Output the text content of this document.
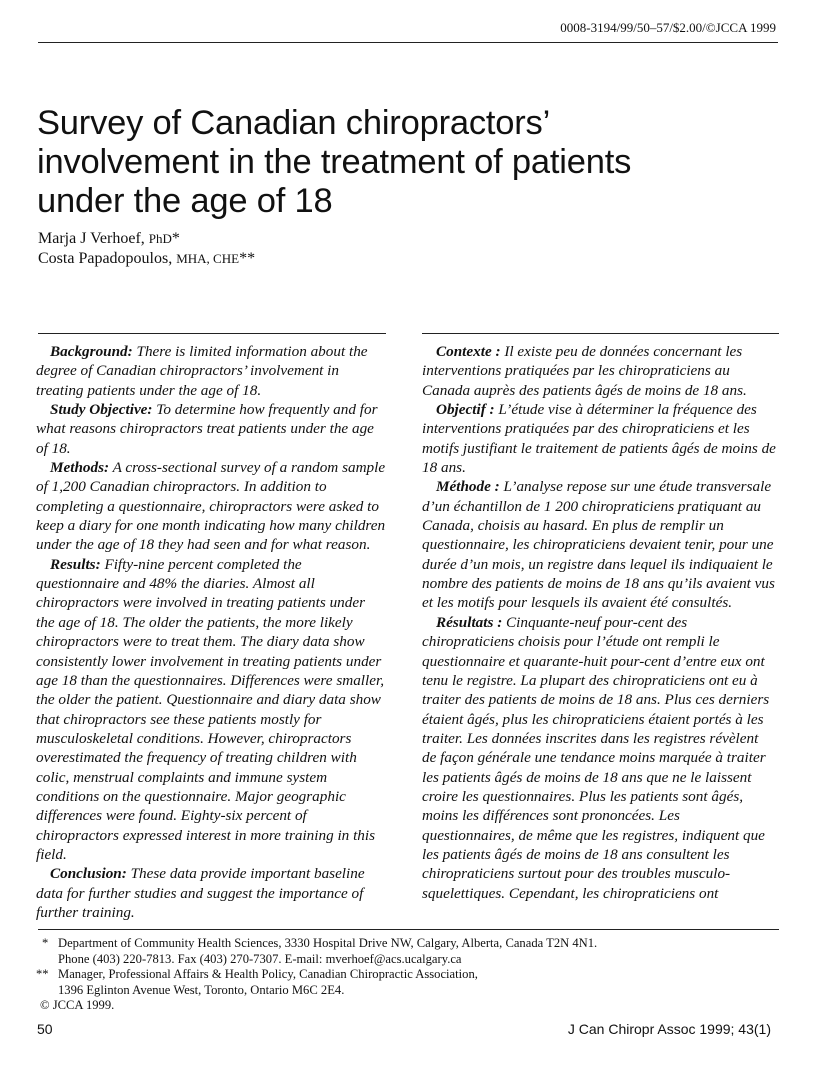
0008-3194/99/50–57/$2.00/©JCCA 1999
Survey of Canadian chiropractors’
involvement in the treatment of patients
under the age of 18
Marja J Verhoef, PhD*
Costa Papadopoulos, MHA, CHE**

Background: There is limited information about the degree of Canadian chiropractors’ involvement in treating patients under the age of 18.

Study Objective: To determine how frequently and for what reasons chiropractors treat patients under the age of 18.

Methods: A cross-sectional survey of a random sample of 1,200 Canadian chiropractors. In addition to completing a questionnaire, chiropractors were asked to keep a diary for one month indicating how many children under the age of 18 they had seen and for what reason.

Results: Fifty-nine percent completed the questionnaire and 48% the diaries. Almost all chiropractors were involved in treating patients under the age of 18. The older the patients, the more likely chiropractors were to treat them. The diary data show consistently lower involvement in treating patients under age 18 than the questionnaires. Differences were smaller, the older the patient. Questionnaire and diary data show that chiropractors see these patients mostly for musculoskeletal conditions. However, chiropractors overestimated the frequency of treating children with colic, menstrual complaints and immune system conditions on the questionnaire. Major geographic differences were found. Eighty-six percent of chiropractors expressed interest in more training in this field.

Conclusion: These data provide important baseline data for further studies and suggest the importance of further training.

Contexte : Il existe peu de données concernant les interventions pratiquées par les chiropraticiens au Canada auprès des patients âgés de moins de 18 ans.

Objectif : L’étude vise à déterminer la fréquence des interventions pratiquées par des chiropraticiens et les motifs justifiant le traitement de patients âgés de moins de 18 ans.

Méthode : L’analyse repose sur une étude transversale d’un échantillon de 1 200 chiropraticiens pratiquant au Canada, choisis au hasard. En plus de remplir un questionnaire, les chiropraticiens devaient tenir, pour une durée d’un mois, un registre dans lequel ils indiquaient le nombre des patients de moins de 18 ans qu’ils avaient vus et les motifs pour lesquels ils avaient été consultés.

Résultats : Cinquante-neuf pour-cent des chiropraticiens choisis pour l’étude ont rempli le questionnaire et quarante-huit pour-cent d’entre eux ont tenu le registre. La plupart des chiropraticiens ont eu à traiter des patients de moins de 18 ans. Plus ces derniers étaient âgés, plus les chiropraticiens étaient portés à les traiter. Les données inscrites dans les registres révèlent de façon générale une tendance moins marquée à traiter les patients âgés de moins de 18 ans que ne le laissent croire les questionnaires. Plus les patients sont âgés, moins les différences sont prononcées. Les questionnaires, de même que les registres, indiquent que les patients âgés de moins de 18 ans consultent les chiropraticiens surtout pour des troubles musculo-squelettiques. Cependant, les chiropraticiens ont

* Department of Community Health Sciences, 3330 Hospital Drive NW, Calgary, Alberta, Canada T2N 4N1.
Phone (403) 220-7813. Fax (403) 270-7307. E-mail: mverhoef@acs.ucalgary.ca
** Manager, Professional Affairs & Health Policy, Canadian Chiropractic Association,
1396 Eglinton Avenue West, Toronto, Ontario M6C 2E4.
© JCCA 1999.
50	J Can Chiropr Assoc 1999; 43(1)
